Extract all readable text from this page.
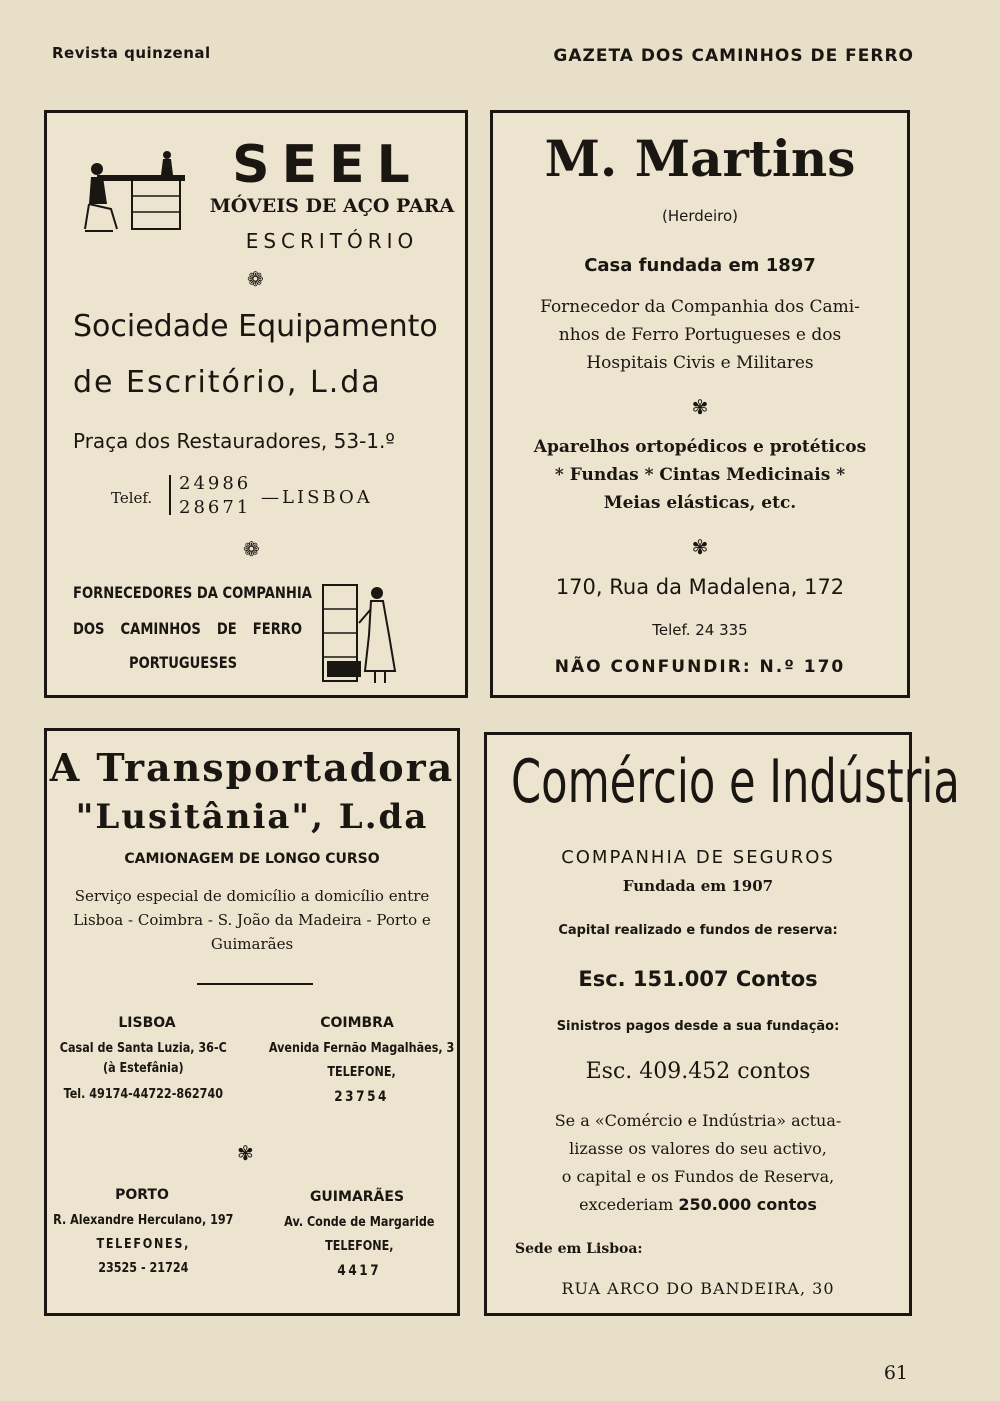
Revista quinzenal	GAZETA DOS CAMINHOS DE FERRO
SEEL
MÓVEIS DE AÇO PARA
ESCRITÓRIO
❁
Sociedade Equipamento
de Escritório, L.da
Praça dos Restauradores, 53-1.º
Telef.
24986
28671 —LISBOA
❁
FORNECEDORES DA COMPANHIA
DOS CAMINHOS DE FERRO
PORTUGUESES
M. Martins
(Herdeiro)
Casa fundada em 1897
Fornecedor da Companhia dos Cami-
nhos de Ferro Portugueses e dos
Hospitais Civis e Militares
✾
Aparelhos ortopédicos e protéticos
* Fundas * Cintas Medicinais *
Meias elásticas, etc.
✾
170, Rua da Madalena, 172
Telef. 24 335
NÃO CONFUNDIR: N.º 170
A Transportadora
"Lusitânia", L.da
CAMIONAGEM DE LONGO CURSO
Serviço especial de domicílio a domicílio entre
Lisboa - Coimbra - S. João da Madeira - Porto e
Guimarães
LISBOA
Casal de Santa Luzia, 36-C
(à Estefânia)
Tel. 49174-44722-862740
COIMBRA
Avenida Fernão Magalhães, 3
TELEFONE,
23754
✾
PORTO
R. Alexandre Herculano, 197
TELEFONES,
23525 - 21724
GUIMARÃES
Av. Conde de Margaride
TELEFONE,
4417
Comércio e Indústria
COMPANHIA DE SEGUROS
Fundada em 1907
Capital realizado e fundos de reserva:
Esc. 151.007 Contos
Sinistros pagos desde a sua fundação:
Esc. 409.452 contos
Se a «Comércio e Indústria» actua-
lizasse os valores do seu activo,
o capital e os Fundos de Reserva,
excederiam 250.000 contos
Sede em Lisboa:
RUA ARCO DO BANDEIRA, 30
61
